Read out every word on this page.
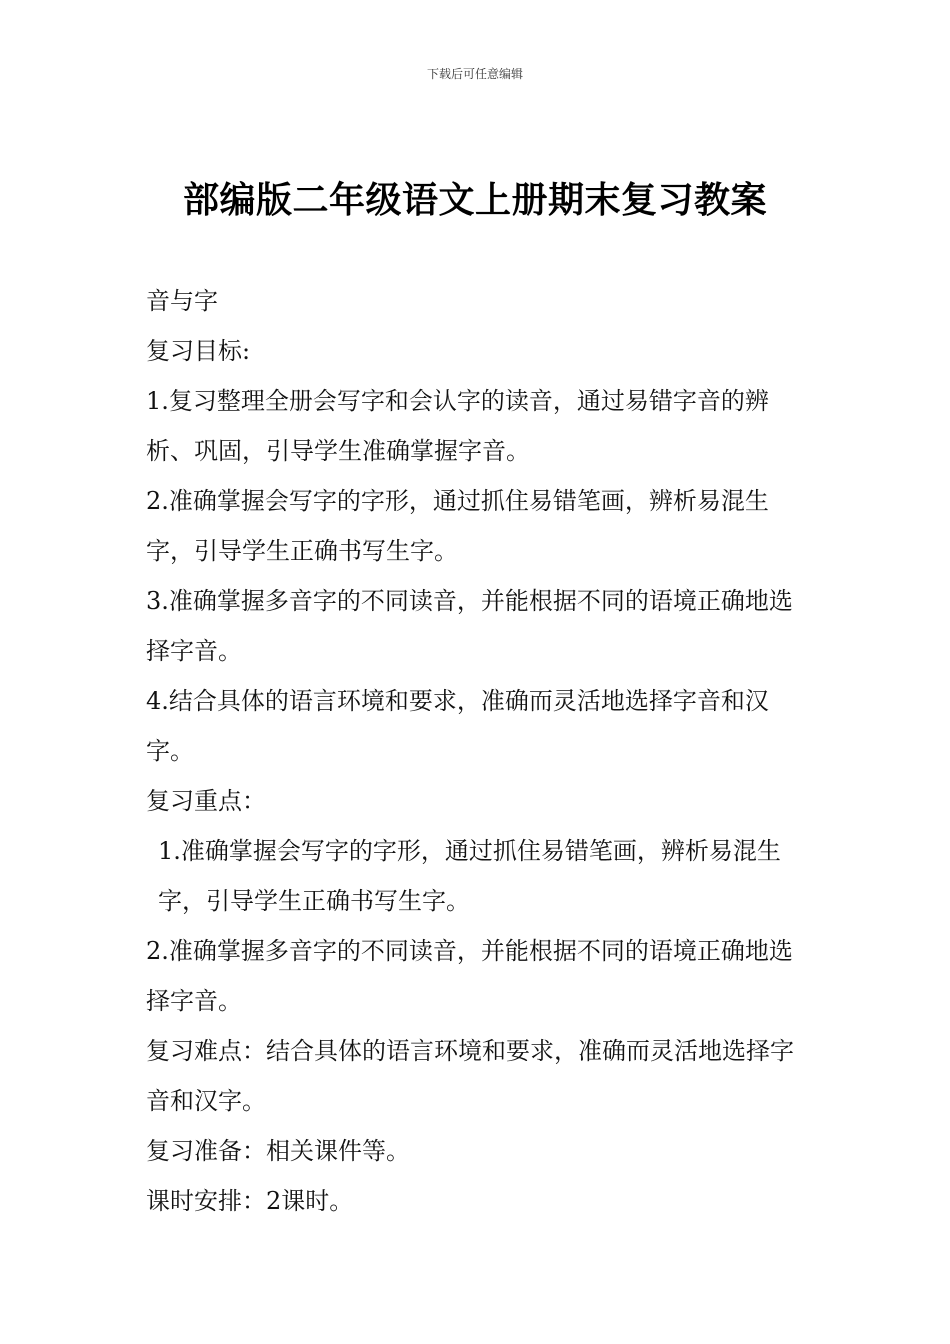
下载后可任意编辑
部编版二年级语文上册期末复习教案

音与字

复习目标:

1.复习整理全册会写字和会认字的读音，通过易错字音的辨析、巩固，引导学生准确掌握字音。

2.准确掌握会写字的字形，通过抓住易错笔画，辨析易混生字，引导学生正确书写生字。

3.准确掌握多音字的不同读音，并能根据不同的语境正确地选择字音。

4.结合具体的语言环境和要求，准确而灵活地选择字音和汉字。

复习重点：

1.准确掌握会写字的字形，通过抓住易错笔画，辨析易混生字，引导学生正确书写生字。

2.准确掌握多音字的不同读音，并能根据不同的语境正确地选择字音。

复习难点：结合具体的语言环境和要求，准确而灵活地选择字音和汉字。

复习准备：相关课件等。

课时安排：2课时。
